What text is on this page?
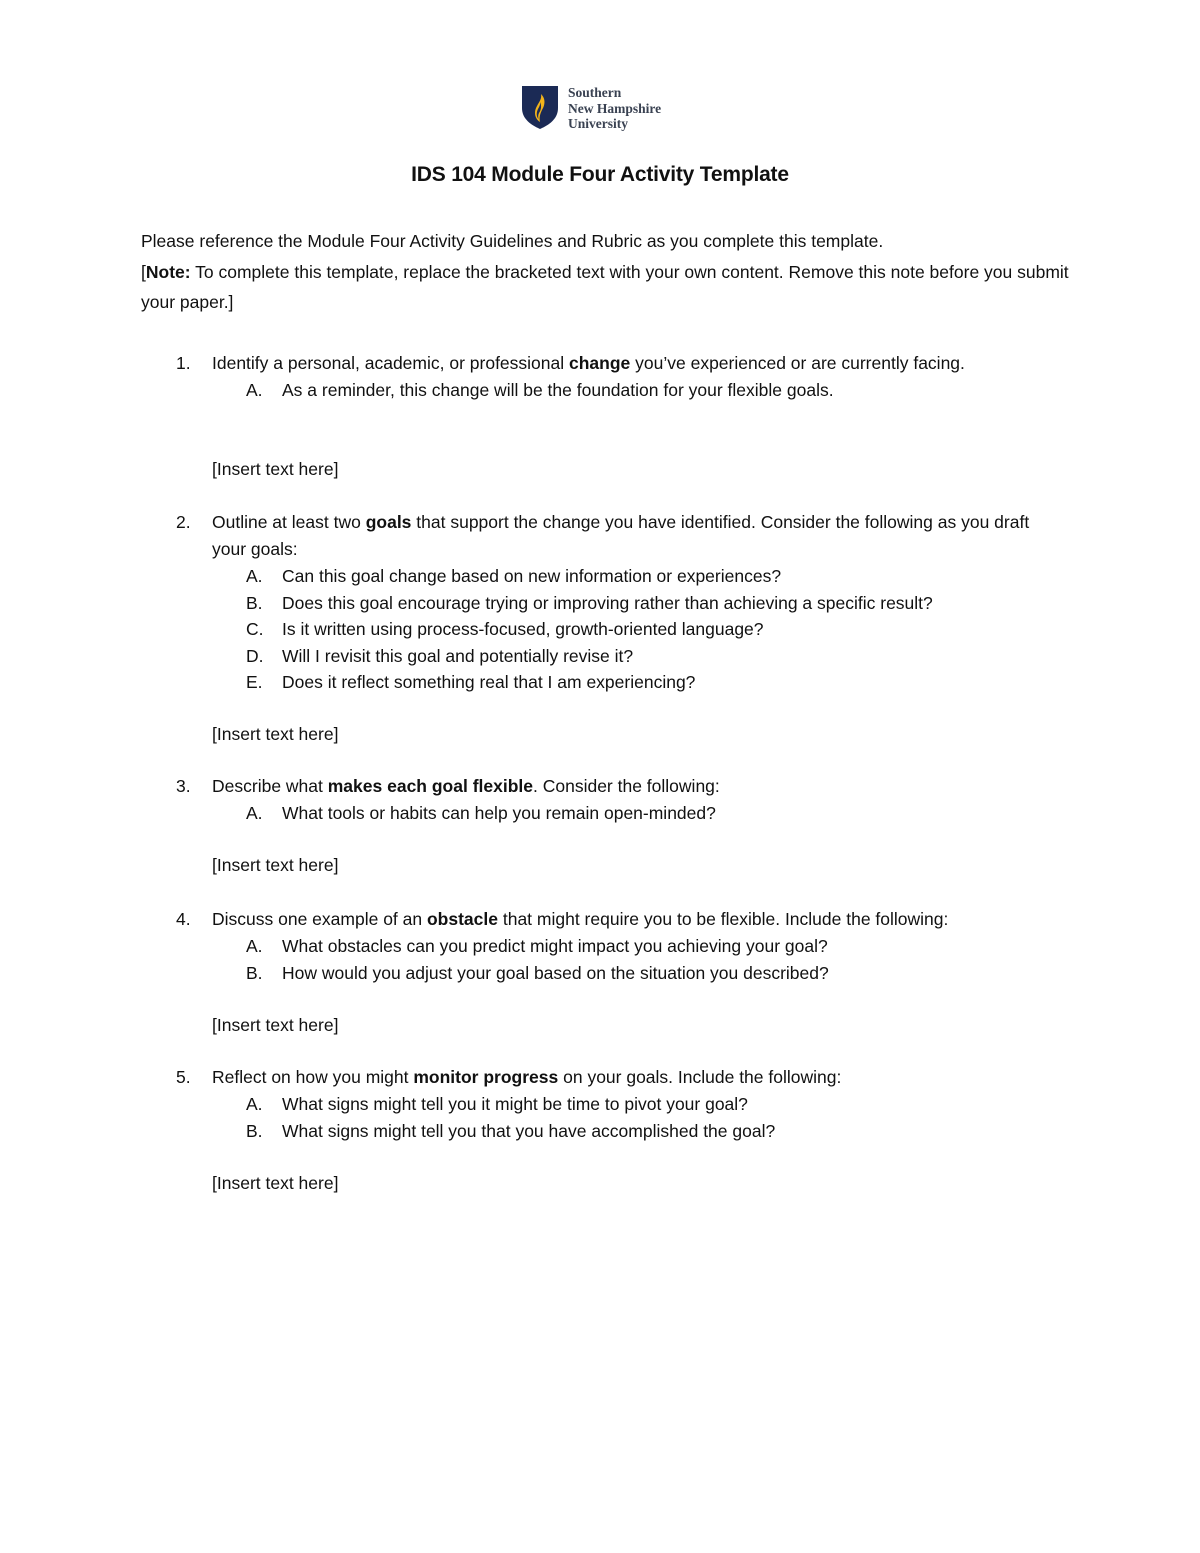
Southern
New Hampshire
University
IDS 104 Module Four Activity Template
Please reference the Module Four Activity Guidelines and Rubric as you complete this template.
[Note: To complete this template, replace the bracketed text with your own content. Remove this note before you submit your paper.]
1.	Identify a personal, academic, or professional change you’ve experienced or are currently facing.
A.	As a reminder, this change will be the foundation for your flexible goals.
[Insert text here]
2.	Outline at least two goals that support the change you have identified. Consider the following as you draft your goals:
A.	Can this goal change based on new information or experiences?
B.	Does this goal encourage trying or improving rather than achieving a specific result?
C.	Is it written using process-focused, growth-oriented language?
D.	Will I revisit this goal and potentially revise it?
E.	Does it reflect something real that I am experiencing?
[Insert text here]
3.	Describe what makes each goal flexible. Consider the following:
A.	What tools or habits can help you remain open-minded?
[Insert text here]
4.	Discuss one example of an obstacle that might require you to be flexible. Include the following:
A.	What obstacles can you predict might impact you achieving your goal?
B.	How would you adjust your goal based on the situation you described?
[Insert text here]
5.	Reflect on how you might monitor progress on your goals. Include the following:
A.	What signs might tell you it might be time to pivot your goal?
B.	What signs might tell you that you have accomplished the goal?
[Insert text here]
